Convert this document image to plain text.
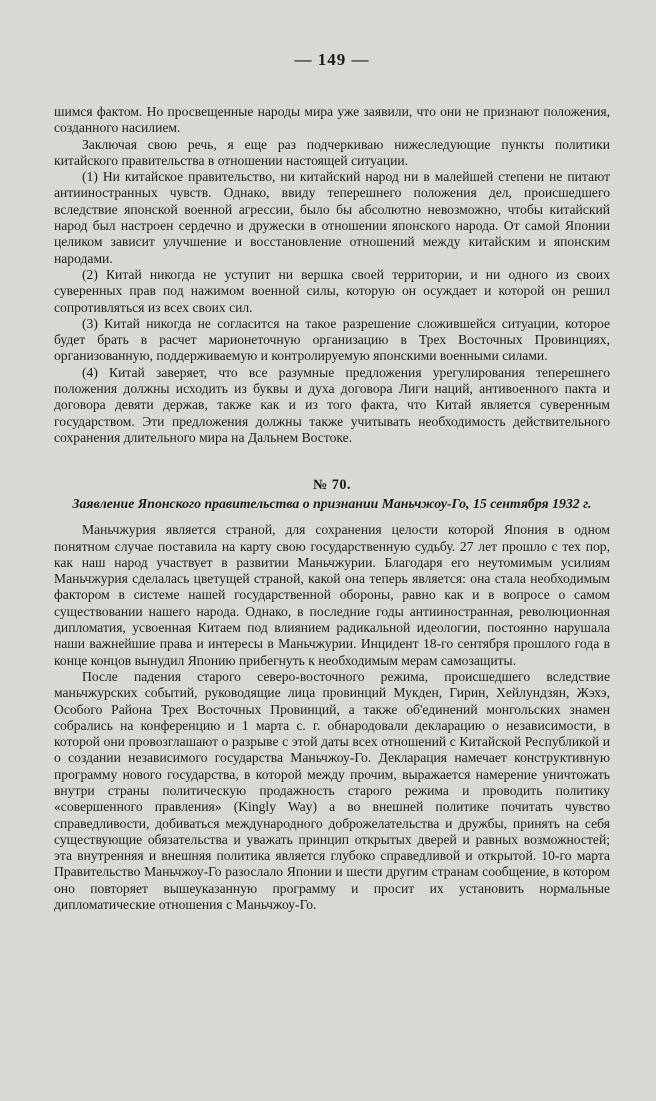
— 149 —

шимся фактом. Но просвещенные народы мира уже заявили, что они не признают положения, созданного насилием.

Заключая свою речь, я еще раз подчеркиваю нижеследующие пункты политики китайского правительства в отношении настоящей ситуации.

(1) Ни китайское правительство, ни китайский народ ни в малейшей степени не питают антииностранных чувств. Однако, ввиду теперешнего положения дел, происшедшего вследствие японской военной агрессии, было бы абсолютно невозможно, чтобы китайский народ был настроен сердечно и дружески в отношении японского народа. От самой Японии целиком зависит улучшение и восстановление отношений между китайским и японским народами.

(2) Китай никогда не уступит ни вершка своей территории, и ни одного из своих суверенных прав под нажимом военной силы, которую он осуждает и которой он решил сопротивляться из всех своих сил.

(3) Китай никогда не согласится на такое разрешение сложившейся ситуации, которое будет брать в расчет марионеточную организацию в Трех Восточных Провинциях, организованную, поддерживаемую и контролируемую японскими военными силами.

(4) Китай заверяет, что все разумные предложения урегулирования теперешнего положения должны исходить из буквы и духа договора Лиги наций, антивоенного пакта и договора девяти держав, также как и из того факта, что Китай является суверенным государством. Эти предложения должны также учитывать необходимость действительного сохранения длительного мира на Дальнем Востоке.

№ 70.
Заявление Японского правительства о признании Маньчжоу-Го, 15 сентября 1932 г.

Маньчжурия является страной, для сохранения целости которой Япония в одном понятном случае поставила на карту свою государственную судьбу. 27 лет прошло с тех пор, как наш народ участвует в развитии Маньчжурии. Благодаря его неутомимым усилиям Маньчжурия сделалась цветущей страной, какой она теперь является: она стала необходимым фактором в системе нашей государственной обороны, равно как и в вопросе о самом существовании нашего народа. Однако, в последние годы антииностранная, революционная дипломатия, усвоенная Китаем под влиянием радикальной идеологии, постоянно нарушала наши важнейшие права и интересы в Маньчжурии. Инцидент 18-го сентября прошлого года в конце концов вынудил Японию прибегнуть к необходимым мерам самозащиты.

После падения старого северо-восточного режима, происшедшего вследствие маньчжурских событий, руководящие лица провинций Мукден, Гирин, Хейлундзян, Жэхэ, Особого Района Трех Восточных Провинций, а также об'единений монгольских знамен собрались на конференцию и 1 марта с. г. обнародовали декларацию о независимости, в которой они провозглашают о разрыве с этой даты всех отношений с Китайской Республикой и о создании независимого государства Маньчжоу-Го. Декларация намечает конструктивную программу нового государства, в которой между прочим, выражается намерение уничтожать внутри страны политическую продажность старого режима и проводить политику «совершенного правления» (Kingly Way) а во внешней политике почитать чувство справедливости, добиваться международного доброжелательства и дружбы, принять на себя существующие обязательства и уважать принцип открытых дверей и равных возможностей; эта внутренняя и внешняя политика является глубоко справедливой и открытой. 10-го марта Правительство Маньчжоу-Го разослало Японии и шести другим странам сообщение, в котором оно повторяет вышеуказанную программу и просит их установить нормальные дипломатические отношения с Маньчжоу-Го.
